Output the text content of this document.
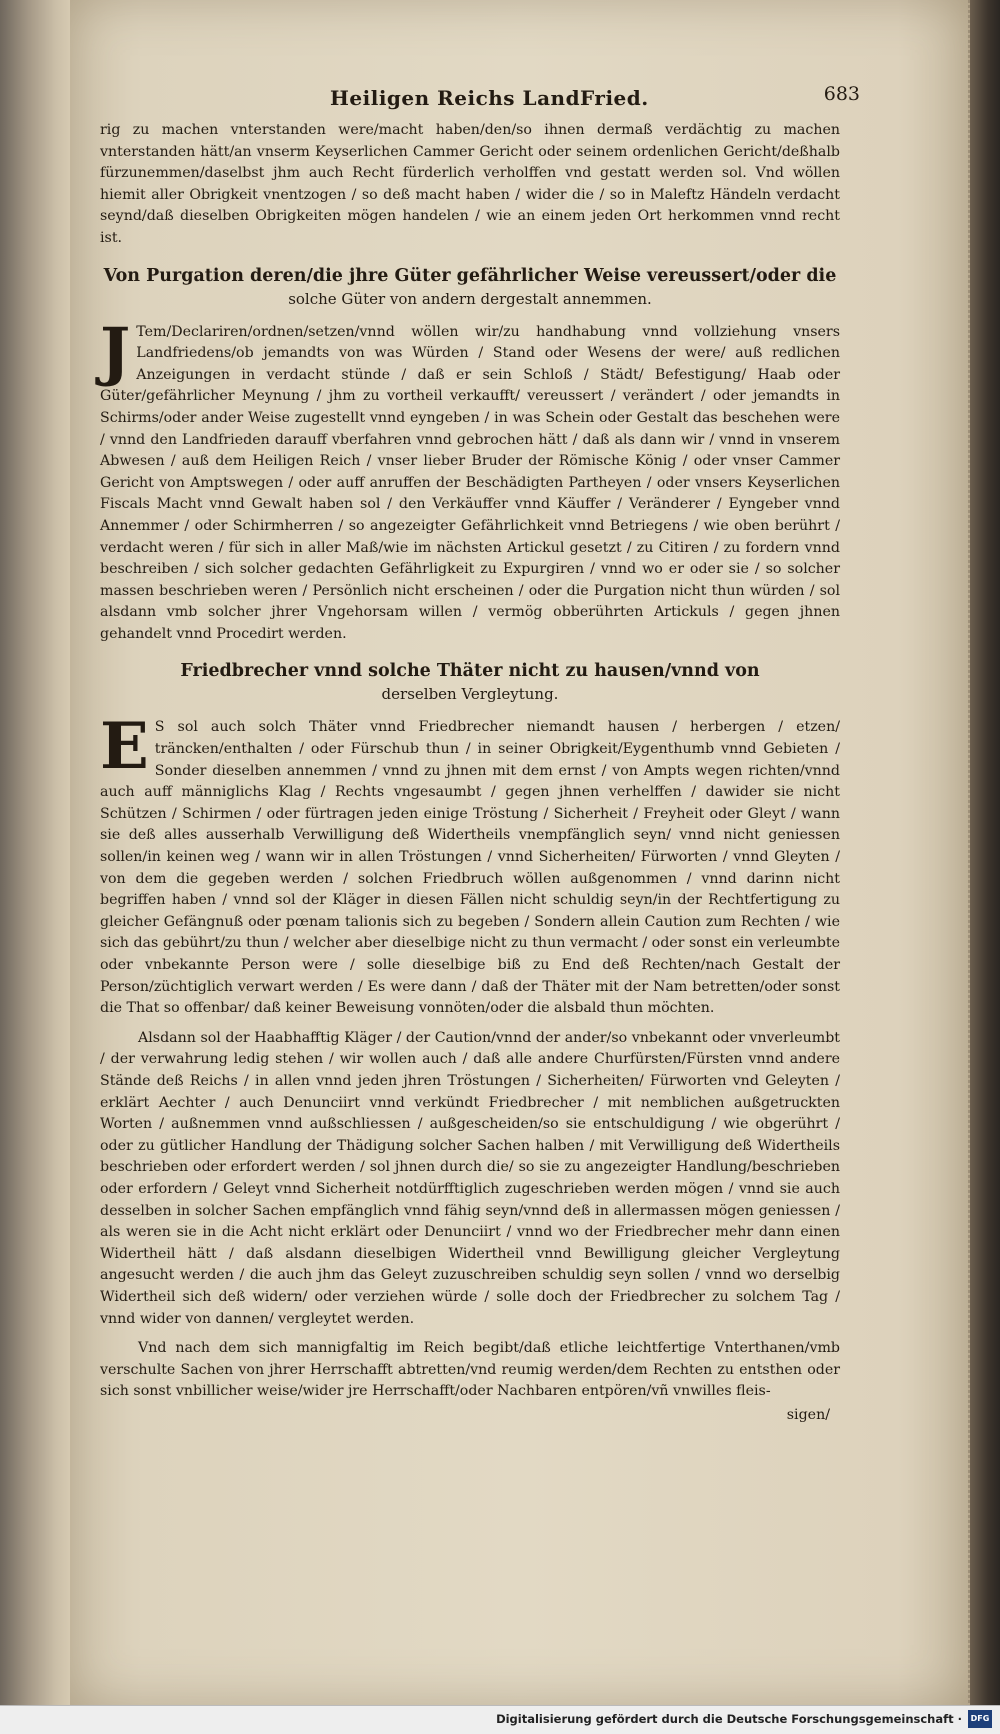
Heiligen Reichs LandFried.	683

rig zu machen vnterstanden were/macht haben/den/so ihnen dermaß verdächtig zu machen vnterstanden hätt/an vnserm Keyserlichen Cammer Gericht oder seinem ordenlichen Gericht/deßhalb fürzunemmen/daselbst jhm auch Recht fürderlich verholffen vnd gestatt werden sol. Vnd wöllen hiemit aller Obrigkeit vnentzogen / so deß macht haben / wider die / so in Maleftz Händeln verdacht seynd/daß dieselben Obrigkeiten mögen handelen / wie an einem jeden Ort herkommen vnnd recht ist.

Von Purgation deren/die jhre Güter gefährlicher Weise vereussert/oder die
solche Güter von andern dergestalt annemmen.

J Tem/Declariren/ordnen/setzen/vnnd wöllen wir/zu handhabung vnnd vollziehung vnsers Landfriedens/ob jemandts von was Würden / Stand oder Wesens der were/ auß redlichen Anzeigungen in verdacht stünde / daß er sein Schloß / Städt/ Befestigung/ Haab oder Güter/gefährlicher Meynung / jhm zu vortheil verkaufft/ vereussert / verändert / oder jemandts in Schirms/oder ander Weise zugestellt vnnd eyngeben / in was Schein oder Gestalt das beschehen were / vnnd den Landfrieden darauff vberfahren vnnd gebrochen hätt / daß als dann wir / vnnd in vnserem Abwesen / auß dem Heiligen Reich / vnser lieber Bruder der Römische König / oder vnser Cammer Gericht von Amptswegen / oder auff anruffen der Beschädigten Partheyen / oder vnsers Keyserlichen Fiscals Macht vnnd Gewalt haben sol / den Verkäuffer vnnd Käuffer / Veränderer / Eyngeber vnnd Annemmer / oder Schirmherren / so angezeigter Gefährlichkeit vnnd Betriegens / wie oben berührt / verdacht weren / für sich in aller Maß/wie im nächsten Artickul gesetzt / zu Citiren / zu fordern vnnd beschreiben / sich solcher gedachten Gefährligkeit zu Expurgiren / vnnd wo er oder sie / so solcher massen beschrieben weren / Persönlich nicht erscheinen / oder die Purgation nicht thun würden / sol alsdann vmb solcher jhrer Vngehorsam willen / vermög obberührten Artickuls / gegen jhnen gehandelt vnnd Procedirt werden.

Friedbrecher vnnd solche Thäter nicht zu hausen/vnnd von
derselben Vergleytung.

E S sol auch solch Thäter vnnd Friedbrecher niemandt hausen / herbergen / etzen/ träncken/enthalten / oder Fürschub thun / in seiner Obrigkeit/Eygenthumb vnnd Gebieten / Sonder dieselben annemmen / vnnd zu jhnen mit dem ernst / von Ampts wegen richten/vnnd auch auff männiglichs Klag / Rechts vngesaumbt / gegen jhnen verhelffen / dawider sie nicht Schützen / Schirmen / oder fürtragen jeden einige Tröstung / Sicherheit / Freyheit oder Gleyt / wann sie deß alles ausserhalb Verwilligung deß Widertheils vnempfänglich seyn/ vnnd nicht geniessen sollen/in keinen weg / wann wir in allen Tröstungen / vnnd Sicherheiten/ Fürworten / vnnd Gleyten / von dem die gegeben werden / solchen Friedbruch wöllen außgenommen / vnnd darinn nicht begriffen haben / vnnd sol der Kläger in diesen Fällen nicht schuldig seyn/in der Rechtfertigung zu gleicher Gefängnuß oder pœnam talionis sich zu begeben / Sondern allein Caution zum Rechten / wie sich das gebührt/zu thun / welcher aber dieselbige nicht zu thun vermacht / oder sonst ein verleumbte oder vnbekannte Person were / solle dieselbige biß zu End deß Rechten/nach Gestalt der Person/züchtiglich verwart werden / Es were dann / daß der Thäter mit der Nam betretten/oder sonst die That so offenbar/ daß keiner Beweisung vonnöten/oder die alsbald thun möchten.

Alsdann sol der Haabhafftig Kläger / der Caution/vnnd der ander/so vnbekannt oder vnverleumbt / der verwahrung ledig stehen / wir wollen auch / daß alle andere Churfürsten/Fürsten vnnd andere Stände deß Reichs / in allen vnnd jeden jhren Tröstungen / Sicherheiten/ Fürworten vnd Geleyten / erklärt Aechter / auch Denunciirt vnnd verkündt Friedbrecher / mit nemblichen außgetruckten Worten / außnemmen vnnd außschliessen / außgescheiden/so sie entschuldigung / wie obgerührt / oder zu gütlicher Handlung der Thädigung solcher Sachen halben / mit Verwilligung deß Widertheils beschrieben oder erfordert werden / sol jhnen durch die/ so sie zu angezeigter Handlung/beschrieben oder erfordern / Geleyt vnnd Sicherheit notdürfftiglich zugeschrieben werden mögen / vnnd sie auch desselben in solcher Sachen empfänglich vnnd fähig seyn/vnnd deß in allermassen mögen geniessen / als weren sie in die Acht nicht erklärt oder Denunciirt / vnnd wo der Friedbrecher mehr dann einen Widertheil hätt / daß alsdann dieselbigen Widertheil vnnd Bewilligung gleicher Vergleytung angesucht werden / die auch jhm das Geleyt zuzuschreiben schuldig seyn sollen / vnnd wo derselbig Widertheil sich deß widern/ oder verziehen würde / solle doch der Friedbrecher zu solchem Tag / vnnd wider von dannen/ vergleytet werden.

Vnd nach dem sich mannigfaltig im Reich begibt/daß etliche leichtfertige Vnterthanen/vmb verschulte Sachen von jhrer Herrschafft abtretten/vnd reumig werden/dem Rechten zu entsthen oder sich sonst vnbillicher weise/wider jre Herrschafft/oder Nachbaren entpören/vñ vnwilles fleis-

sigen/
Digitalisierung gefördert durch die Deutsche Forschungsgemeinschaft ·	DFG
